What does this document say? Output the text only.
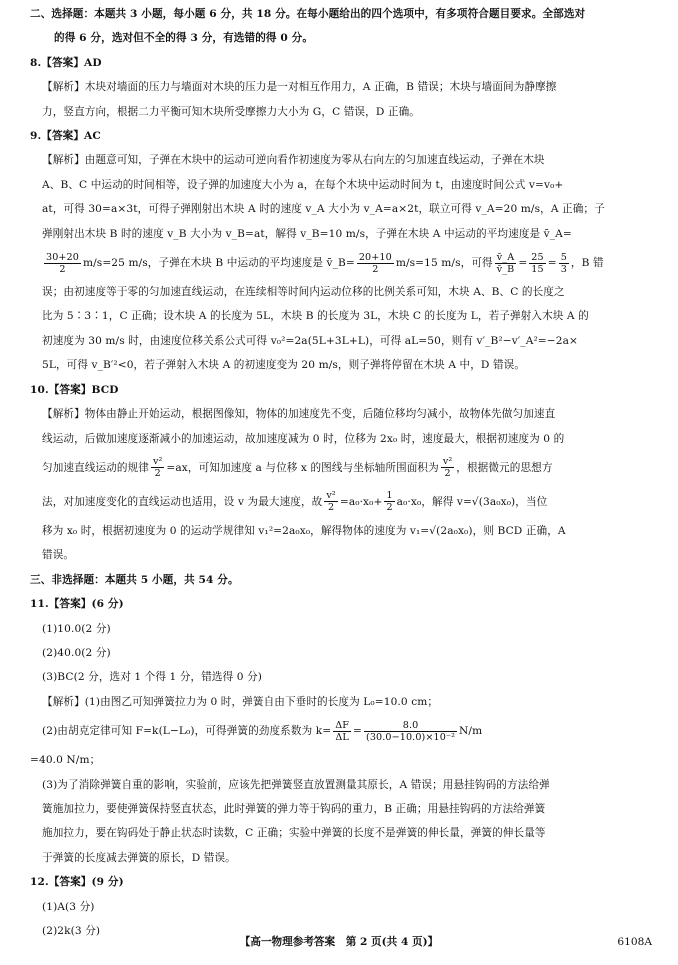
二、选择题：本题共 3 小题，每小题 6 分，共 18 分。在每小题给出的四个选项中，有多项符合题目要求。全部选对
的得 6 分，选对但不全的得 3 分，有选错的得 0 分。
8.【答案】AD
【解析】木块对墙面的压力与墙面对木块的压力是一对相互作用力，A 正确，B 错误；木块与墙面间为静摩擦
力，竖直方向，根据二力平衡可知木块所受摩擦力大小为 G，C 错误，D 正确。
9.【答案】AC
【解析】由题意可知，子弹在木块中的运动可逆向看作初速度为零从右向左的匀加速直线运动，子弹在木块
A、B、C 中运动的时间相等，设子弹的加速度大小为 a，在每个木块中运动时间为 t，由速度时间公式 v=v₀+
at，可得 30=a×3t，可得子弹刚射出木块 A 时的速度 v_A 大小为 v_A=a×2t，联立可得 v_A=20 m/s，A 正确；子
弹刚射出木块 B 时的速度 v_B 大小为 v_B=at，解得 v_B=10 m/s，子弹在木块 A 中运动的平均速度是 v̄_A=
$\frac{30+20}{2} m/s=25$ m/s，子弹在木块 B 中运动的平均速度是 v̄_B= $\frac{20+10}{2} m/s=15$ m/s，可得 $\frac{v̄\_A}{v̄\_B} = \frac{25}{15} = \frac{5}{3}$ ，B 错
误；由初速度等于零的匀加速直线运动，在连续相等时间内运动位移的比例关系可知，木块 A、B、C 的长度之
比为 5∶3∶1，C 正确；设木块 A 的长度为 5L，木块 B 的长度为 3L，木块 C 的长度为 L，若子弹射入木块 A 的
初速度为 30 m/s 时，由速度位移关系公式可得 v₀²=2a(5L+3L+L)，可得 aL=50，则有 v′_B²−v′_A²=−2a×
5L，可得 v_B′²<0，若子弹射入木块 A 的初速度变为 20 m/s，则子弹将停留在木块 A 中，D 错误。
10.【答案】BCD
【解析】物体由静止开始运动，根据图像知，物体的加速度先不变，后随位移均匀减小，故物体先做匀加速直
线运动，后做加速度逐渐减小的加速运动，故加速度减为 0 时，位移为 2x₀ 时，速度最大，根据初速度为 0 的
匀加速直线运动的规律 $\frac{\text{v²}}{2} =ax$，可知加速度 a 与位移 x 的图线与坐标轴所围面积为 $\frac{\text{v²}}{2}$ ，根据微元的思想方
法，对加速度变化的直线运动也适用，设 v 为最大速度，故 $\frac{\text{v²}}{2} =a_0\cdot x_0+ \frac{1}{2} a_0\cdot x_0$，解得 v=√(3a₀x₀)，当位
移为 x₀ 时，根据初速度为 0 的运动学规律知 v₁²=2a₀x₀，解得物体的速度为 v₁=√(2a₀x₀)，则 BCD 正确，A
错误。
三、非选择题：本题共 5 小题，共 54 分。
11.【答案】(6 分)
(1)10.0(2 分)
(2)40.0(2 分)
(3)BC(2 分，选对 1 个得 1 分，错选得 0 分)
【解析】(1)由图乙可知弹簧拉力为 0 时，弹簧自由下垂时的长度为 L₀=10.0 cm；
(2)由胡克定律可知 F=k(L−L₀)，可得弹簧的劲度系数为 $k= \frac{\Delta F}{\Delta L} = \frac{8.0}{\text{(30.0−10.0)×10⁻²}} N/m$
=40.0 N/m；
(3)为了消除弹簧自重的影响，实验前，应该先把弹簧竖直放置测量其原长，A 错误；用悬挂钩码的方法给弹
簧施加拉力，要使弹簧保持竖直状态，此时弹簧的弹力等于钩码的重力，B 正确；用悬挂钩码的方法给弹簧
施加拉力，要在钩码处于静止状态时读数，C 正确；实验中弹簧的长度不是弹簧的伸长量，弹簧的伸长量等
于弹簧的长度减去弹簧的原长，D 错误。
12.【答案】(9 分)
(1)A(3 分)
(2)2k(3 分)
【高一物理参考答案　第 2 页(共 4 页)】	6108A
